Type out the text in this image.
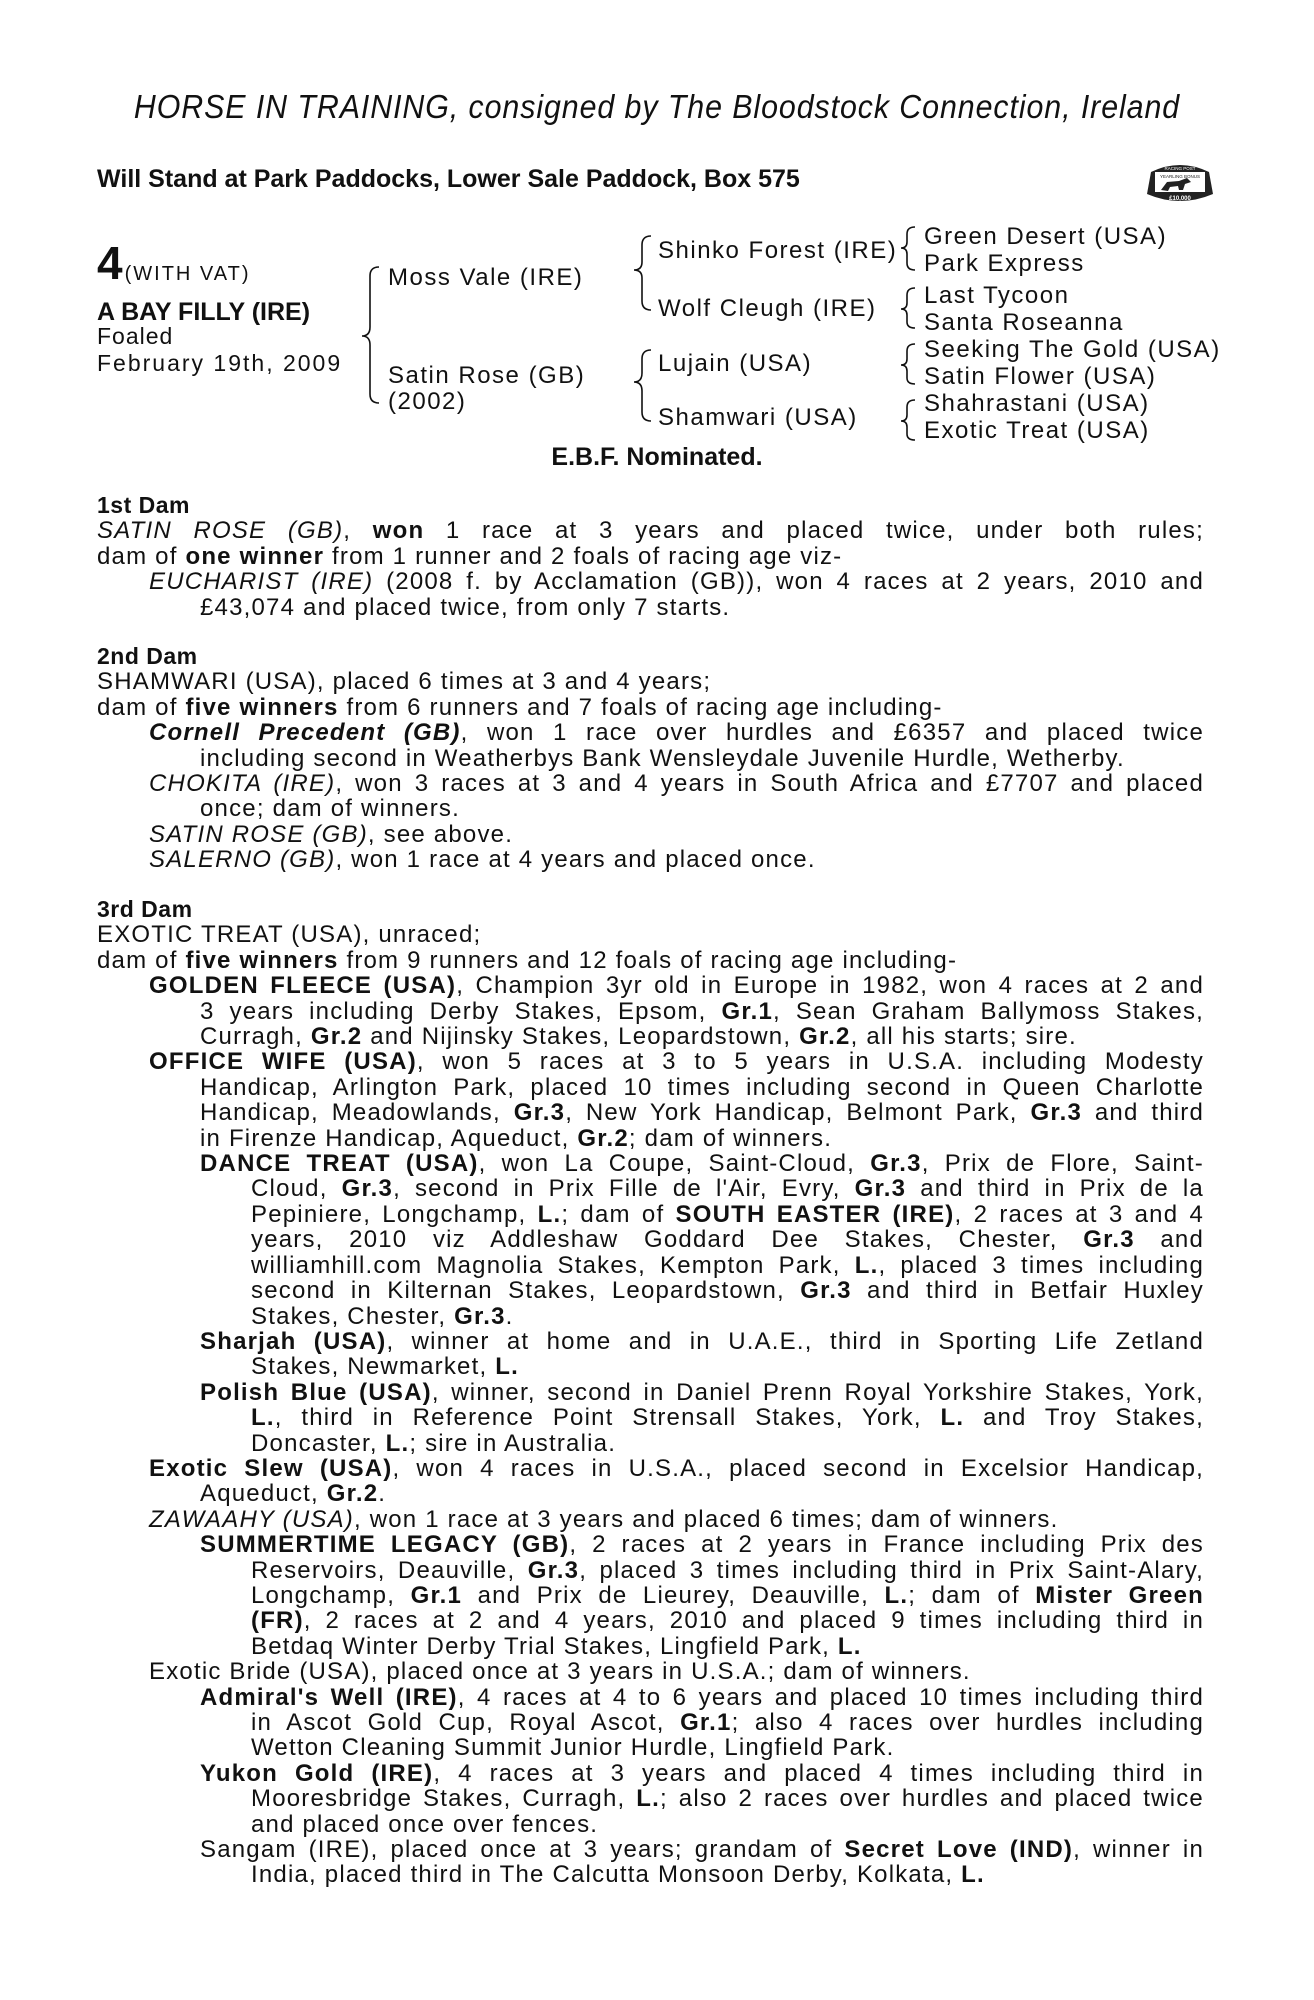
HORSE IN TRAINING, consigned by The Bloodstock Connection, Ireland
Will Stand at Park Paddocks, Lower Sale Paddock, Box 575	RACING POST
YEARLING BONUS
£10,000
4 (WITH VAT)
A BAY FILLY (IRE)
Foaled
February 19th, 2009
Moss Vale (IRE)
Satin Rose (GB)
(2002)
Shinko Forest (IRE)
Wolf Cleugh (IRE)
Lujain (USA)
Shamwari (USA)
Green Desert (USA)
Park Express
Last Tycoon
Santa Roseanna
Seeking The Gold (USA)
Satin Flower (USA)
Shahrastani (USA)
Exotic Treat (USA)
E.B.F. Nominated.
1st Dam
SATIN ROSE (GB), won 1 race at 3 years and placed twice, under both rules;
dam of one winner from 1 runner and 2 foals of racing age viz-
EUCHARIST (IRE) (2008 f. by Acclamation (GB)), won 4 races at 2 years, 2010 and
£43,074 and placed twice, from only 7 starts.
2nd Dam
SHAMWARI (USA), placed 6 times at 3 and 4 years;
dam of five winners from 6 runners and 7 foals of racing age including-
Cornell Precedent (GB), won 1 race over hurdles and £6357 and placed twice
including second in Weatherbys Bank Wensleydale Juvenile Hurdle, Wetherby.
CHOKITA (IRE), won 3 races at 3 and 4 years in South Africa and £7707 and placed
once; dam of winners.
SATIN ROSE (GB), see above.
SALERNO (GB), won 1 race at 4 years and placed once.
3rd Dam
EXOTIC TREAT (USA), unraced;
dam of five winners from 9 runners and 12 foals of racing age including-
GOLDEN FLEECE (USA), Champion 3yr old in Europe in 1982, won 4 races at 2 and
3 years including Derby Stakes, Epsom, Gr.1, Sean Graham Ballymoss Stakes,
Curragh, Gr.2 and Nijinsky Stakes, Leopardstown, Gr.2, all his starts; sire.
OFFICE WIFE (USA), won 5 races at 3 to 5 years in U.S.A. including Modesty
Handicap, Arlington Park, placed 10 times including second in Queen Charlotte
Handicap, Meadowlands, Gr.3, New York Handicap, Belmont Park, Gr.3 and third
in Firenze Handicap, Aqueduct, Gr.2; dam of winners.
DANCE TREAT (USA), won La Coupe, Saint-Cloud, Gr.3, Prix de Flore, Saint-
Cloud, Gr.3, second in Prix Fille de l'Air, Evry, Gr.3 and third in Prix de la
Pepiniere, Longchamp, L.; dam of SOUTH EASTER (IRE), 2 races at 3 and 4
years, 2010 viz Addleshaw Goddard Dee Stakes, Chester, Gr.3 and
williamhill.com Magnolia Stakes, Kempton Park, L., placed 3 times including
second in Kilternan Stakes, Leopardstown, Gr.3 and third in Betfair Huxley
Stakes, Chester, Gr.3.
Sharjah (USA), winner at home and in U.A.E., third in Sporting Life Zetland
Stakes, Newmarket, L.
Polish Blue (USA), winner, second in Daniel Prenn Royal Yorkshire Stakes, York,
L., third in Reference Point Strensall Stakes, York, L. and Troy Stakes,
Doncaster, L.; sire in Australia.
Exotic Slew (USA), won 4 races in U.S.A., placed second in Excelsior Handicap,
Aqueduct, Gr.2.
ZAWAAHY (USA), won 1 race at 3 years and placed 6 times; dam of winners.
SUMMERTIME LEGACY (GB), 2 races at 2 years in France including Prix des
Reservoirs, Deauville, Gr.3, placed 3 times including third in Prix Saint-Alary,
Longchamp, Gr.1 and Prix de Lieurey, Deauville, L.; dam of Mister Green
(FR), 2 races at 2 and 4 years, 2010 and placed 9 times including third in
Betdaq Winter Derby Trial Stakes, Lingfield Park, L.
Exotic Bride (USA), placed once at 3 years in U.S.A.; dam of winners.
Admiral's Well (IRE), 4 races at 4 to 6 years and placed 10 times including third
in Ascot Gold Cup, Royal Ascot, Gr.1; also 4 races over hurdles including
Wetton Cleaning Summit Junior Hurdle, Lingfield Park.
Yukon Gold (IRE), 4 races at 3 years and placed 4 times including third in
Mooresbridge Stakes, Curragh, L.; also 2 races over hurdles and placed twice
and placed once over fences.
Sangam (IRE), placed once at 3 years; grandam of Secret Love (IND), winner in
India, placed third in The Calcutta Monsoon Derby, Kolkata, L.
